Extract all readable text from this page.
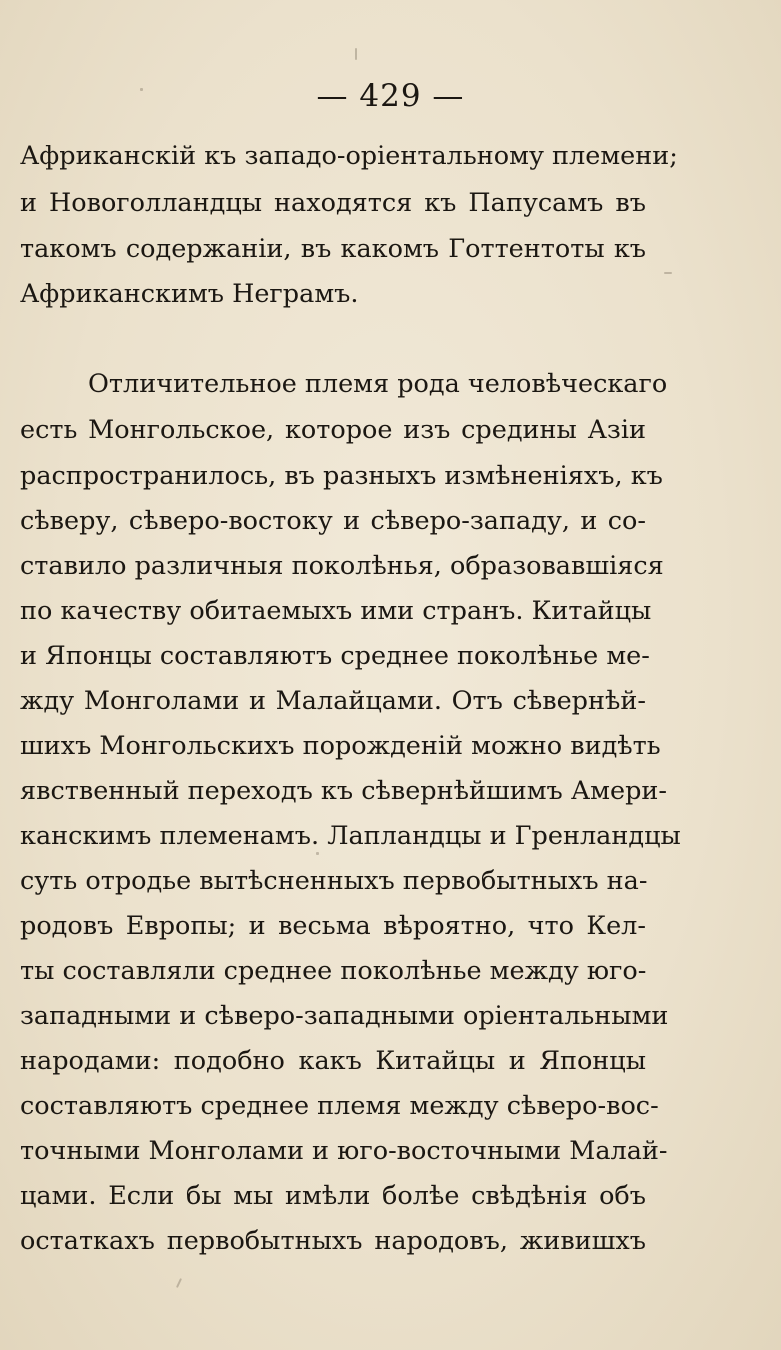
— 429 —
Африканскій къ западо-оріентальному племени;
и Новоголландцы находятся къ Папусамъ въ
такомъ содержаніи, въ какомъ Готтентоты къ
Африканскимъ Неграмъ.
Отличительное племя рода человѣческаго
есть Монгольское, которое изъ средины Азіи
распространилось, въ разныхъ измѣненіяхъ, къ
сѣверу, сѣверо-востоку и сѣверо-западу, и со-
ставило различныя поколѣнья, образовавшіяся
по качеству обитаемыхъ ими странъ. Китайцы
и Японцы составляютъ среднее поколѣнье ме-
жду Монголами и Малайцами. Отъ сѣвернѣй-
шихъ Монгольскихъ порожденій можно видѣть
явственный переходъ къ сѣвернѣйшимъ Амери-
канскимъ племенамъ. Лапландцы и Гренландцы
суть отродье вытѣсненныхъ первобытныхъ на-
родовъ Европы; и весьма вѣроятно, что Кел-
ты составляли среднее поколѣнье между юго-
западными и сѣверо-западными оріентальными
народами: подобно какъ Китайцы и Японцы
составляютъ среднее племя между сѣверо-вос-
точными Монголами и юго-восточными Малай-
цами. Если бы мы имѣли болѣе свѣдѣнія объ
остаткахъ первобытныхъ народовъ, живишхъ
